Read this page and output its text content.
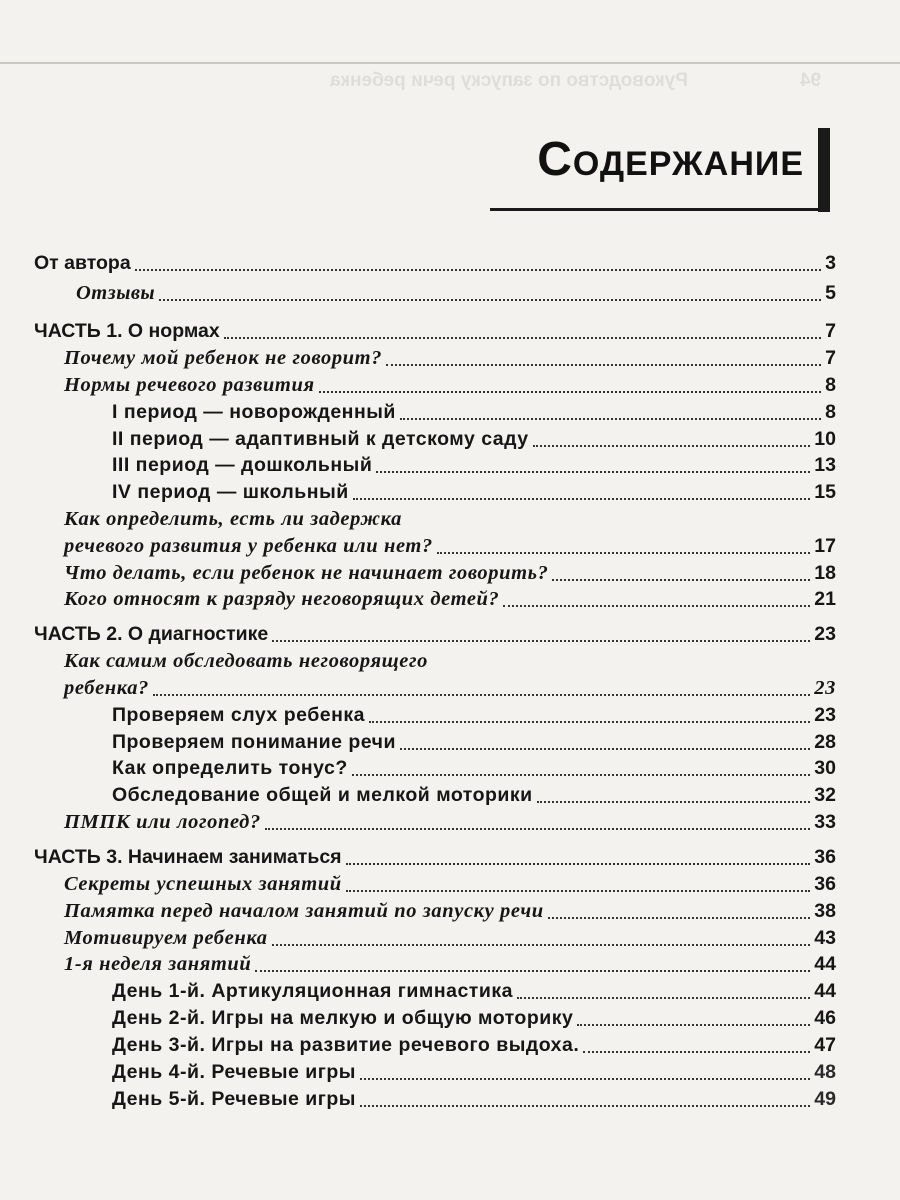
Руководство по запуску речи ребенка	94
Содержание
От автора	3
Отзывы	5
ЧАСТЬ 1. О нормах	7
Почему мой ребенок не говорит?	7
Нормы речевого развития	8
I период — новорожденный	8
II период — адаптивный к детскому саду	10
III период — дошкольный	13
IV период — школьный	15
Как определить, есть ли задержка
речевого развития у ребенка или нет?	17
Что делать, если ребенок не начинает говорить?	18
Кого относят к разряду неговорящих детей?	21
ЧАСТЬ 2. О диагностике	23
Как самим обследовать неговорящего
ребенка?	23
Проверяем слух ребенка	23
Проверяем понимание речи	28
Как определить тонус?	30
Обследование общей и мелкой моторики	32
ПМПК или логопед?	33
ЧАСТЬ 3. Начинаем заниматься	36
Секреты успешных занятий	36
Памятка перед началом занятий по запуску речи	38
Мотивируем ребенка	43
1-я неделя занятий	44
День 1-й. Артикуляционная гимнастика	44
День 2-й. Игры на мелкую и общую моторику	46
День 3-й. Игры на развитие речевого выдоха.	47
День 4-й. Речевые игры	48
День 5-й. Речевые игры	49
